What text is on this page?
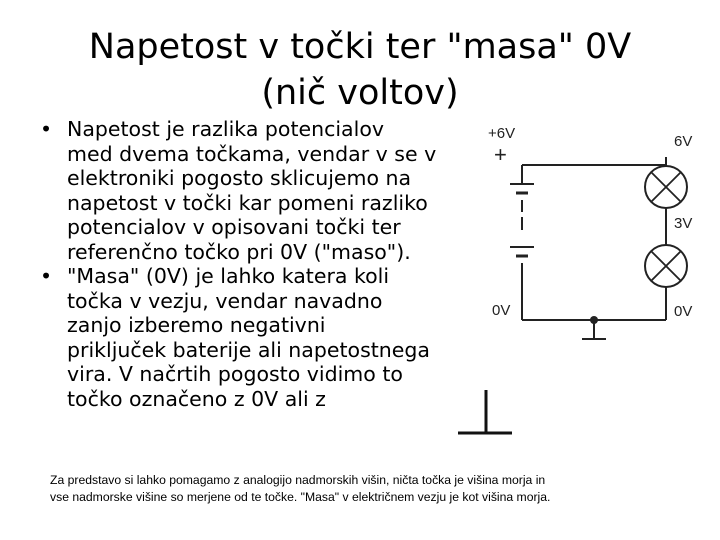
Napetost v točki ter "masa" 0V
(nič voltov)
• Napetost je razlika potencialov
med dvema točkama, vendar v se v
elektroniki pogosto sklicujemo na
napetost v točki kar pomeni razliko
potencialov v opisovani točki ter
referenčno točko pri 0V ("maso").
• "Masa" (0V) je lahko katera koli
točka v vezju, vendar navadno
zanjo izberemo negativni
priključek baterije ali napetostnega
vira. V načrtih pogosto vidimo to
točko označeno z 0V ali z
+6V
+
0V
6V
3V
0V
Za predstavo si lahko pomagamo z analogijo nadmorskih višin, ničta točka je višina morja in
vse nadmorske višine so merjene od te točke. "Masa" v električnem vezju je kot višina morja.
